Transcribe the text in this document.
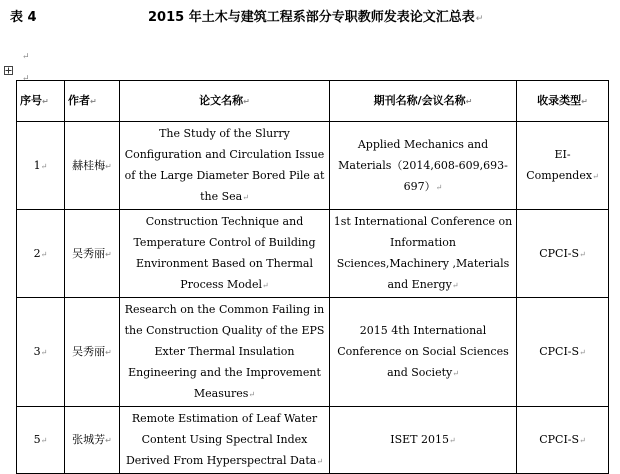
表 4	2015 年土木与建筑工程系部分专职教师发表论文汇总表↵
↵
↵
序号↵	作者↵	论文名称↵	期刊名称/会议名称↵	收录类型↵
1↵	赫桂梅↵	The Study of the Slurry Configuration and Circulation Issue of the Large Diameter Bored Pile at the Sea↵	Applied Mechanics and Materials（2014,608-609,693-697）↵	EI-Compendex↵
2↵	吴秀丽↵	Construction Technique and Temperature Control of Building Environment Based on Thermal Process Model↵	1st International Conference on Information Sciences,Machinery ,Materials and Energy↵	CPCI-S↵
3↵	吴秀丽↵	Research on the Common Failing in the Construction Quality of the EPS Exter Thermal Insulation Engineering and the Improvement Measures↵	2015 4th International Conference on Social Sciences and Society↵	CPCI-S↵
5↵	张城芳↵	Remote Estimation of Leaf Water Content Using Spectral Index Derived From Hyperspectral Data↵	ISET 2015↵	CPCI-S↵
